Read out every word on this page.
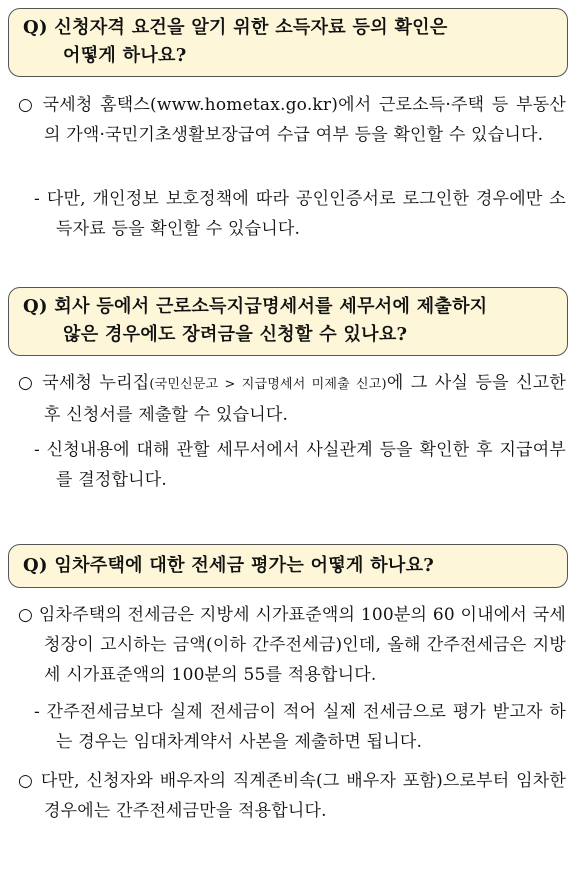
Q) 신청자격 요건을 알기 위한 소득자료 등의 확인은
어떻게 하나요?
○ 국세청 홈택스(www.hometax.go.kr)에서 근로소득·주택 등 부동산의 가액·국민기초생활보장급여 수급 여부 등을 확인할 수 있습니다.
- 다만, 개인정보 보호정책에 따라 공인인증서로 로그인한 경우에만 소득자료 등을 확인할 수 있습니다.
Q) 회사 등에서 근로소득지급명세서를 세무서에 제출하지
않은 경우에도 장려금을 신청할 수 있나요?
○ 국세청 누리집(국민신문고 > 지급명세서 미제출 신고)에 그 사실 등을 신고한 후 신청서를 제출할 수 있습니다.
- 신청내용에 대해 관할 세무서에서 사실관계 등을 확인한 후 지급여부를 결정합니다.
Q) 임차주택에 대한 전세금 평가는 어떻게 하나요?
○ 임차주택의 전세금은 지방세 시가표준액의 100분의 60 이내에서 국세청장이 고시하는 금액(이하 간주전세금)인데, 올해 간주전세금은 지방세 시가표준액의 100분의 55를 적용합니다.
- 간주전세금보다 실제 전세금이 적어 실제 전세금으로 평가 받고자 하는 경우는 임대차계약서 사본을 제출하면 됩니다.
○ 다만, 신청자와 배우자의 직계존비속(그 배우자 포함)으로부터 임차한 경우에는 간주전세금만을 적용합니다.
